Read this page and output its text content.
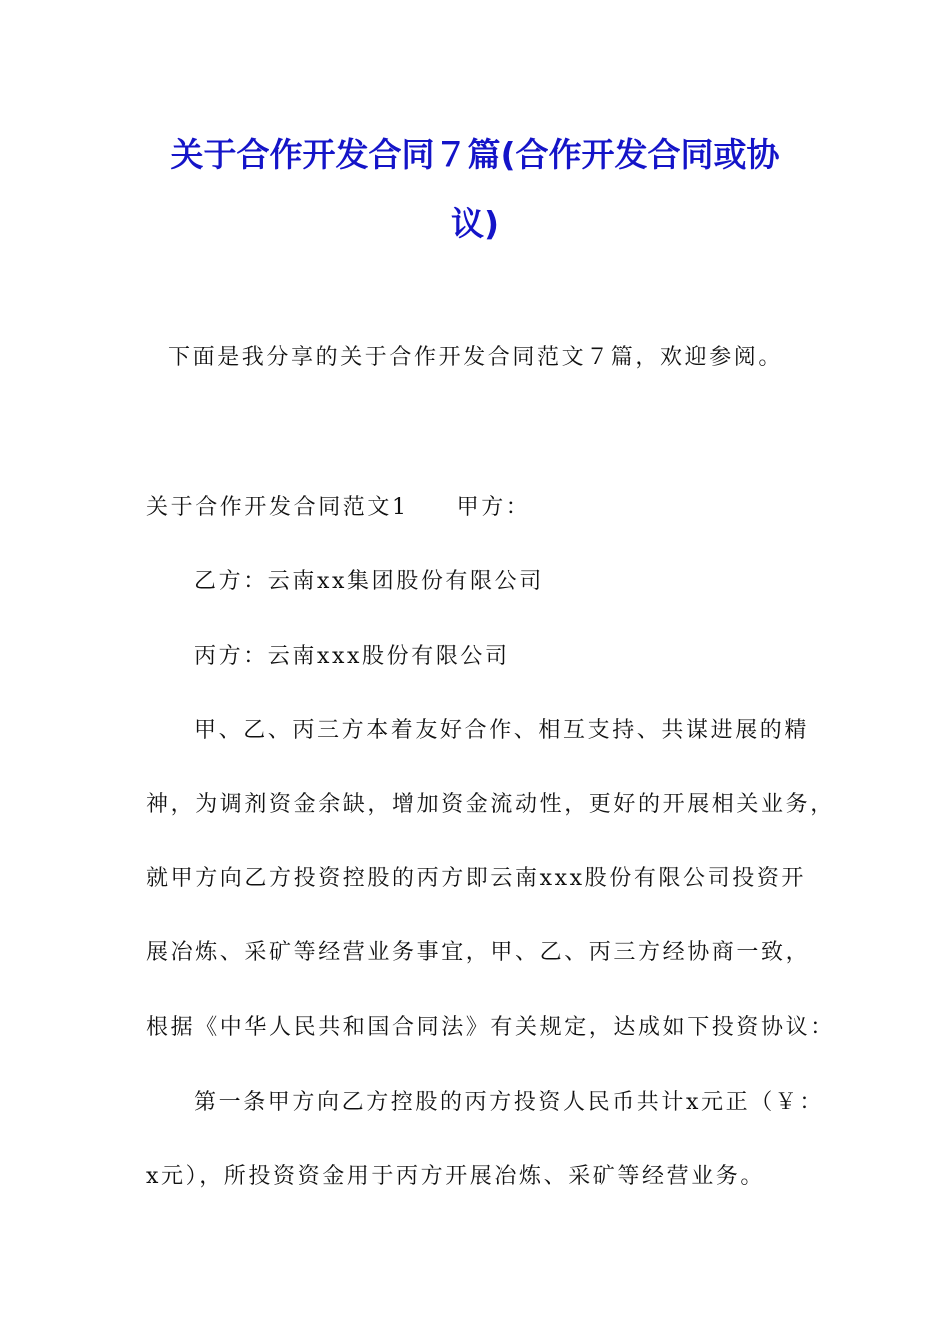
关于合作开发合同７篇(合作开发合同或协
议)
下面是我分享的关于合作开发合同范文７篇，欢迎参阅。
关于合作开发合同范文1 甲方：
乙方：云南xx集团股份有限公司
丙方：云南xxx股份有限公司
甲、乙、丙三方本着友好合作、相互支持、共谋进展的精
神，为调剂资金余缺，增加资金流动性，更好的开展相关业务，
就甲方向乙方投资控股的丙方即云南xxx股份有限公司投资开
展冶炼、采矿等经营业务事宜，甲、乙、丙三方经协商一致，
根据《中华人民共和国合同法》有关规定，达成如下投资协议：
第一条甲方向乙方控股的丙方投资人民币共计x元正（￥：
x元），所投资资金用于丙方开展冶炼、采矿等经营业务。
